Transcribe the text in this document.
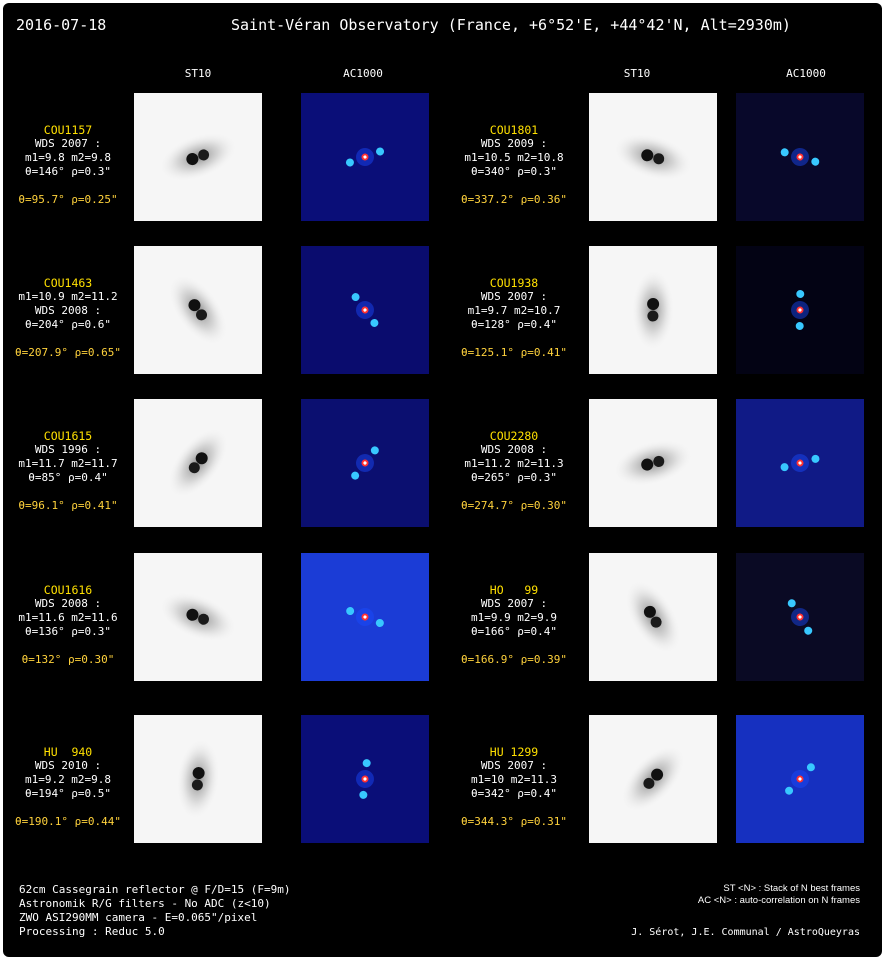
2016-07-18	Saint-Véran Observatory (France, +6°52'E, +44°42'N, Alt=2930m)
ST10	AC1000	ST10	AC1000
COU1157
WDS 2007 :
m1=9.8 m2=9.8
θ=146° ρ=0.3"
θ=95.7° ρ=0.25"
COU1801
WDS 2009 :
m1=10.5 m2=10.8
θ=340° ρ=0.3"
θ=337.2° ρ=0.36"
COU1463
m1=10.9 m2=11.2
WDS 2008 :
θ=204° ρ=0.6"
θ=207.9° ρ=0.65"
COU1938
WDS 2007 :
m1=9.7 m2=10.7
θ=128° ρ=0.4"
θ=125.1° ρ=0.41"
COU1615
WDS 1996 :
m1=11.7 m2=11.7
θ=85° ρ=0.4"
θ=96.1° ρ=0.41"
COU2280
WDS 2008 :
m1=11.2 m2=11.3
θ=265° ρ=0.3"
θ=274.7° ρ=0.30"
COU1616
WDS 2008 :
m1=11.6 m2=11.6
θ=136° ρ=0.3"
θ=132° ρ=0.30"
HO   99
WDS 2007 :
m1=9.9 m2=9.9
θ=166° ρ=0.4"
θ=166.9° ρ=0.39"
HU  940
WDS 2010 :
m1=9.2 m2=9.8
θ=194° ρ=0.5"
θ=190.1° ρ=0.44"
HU 1299
WDS 2007 :
m1=10 m2=11.3
θ=342° ρ=0.4"
θ=344.3° ρ=0.31"
62cm Cassegrain reflector @ F/D=15 (F=9m)
Astronomik R/G filters - No ADC (z<10)
ZWO ASI290MM camera - E=0.065"/pixel
Processing : Reduc 5.0
ST <N> : Stack of N best frames
AC <N> : auto-correlation on N frames
J. Sérot, J.E. Communal / AstroQueyras
